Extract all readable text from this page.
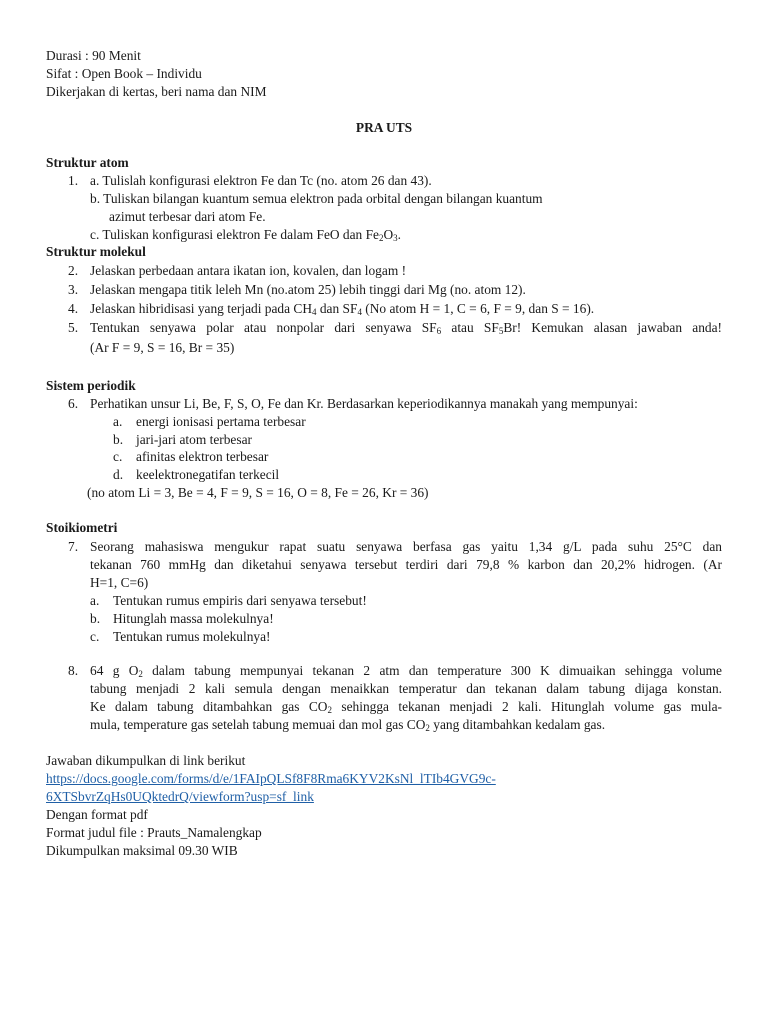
Durasi : 90 Menit
Sifat : Open Book – Individu
Dikerjakan di kertas, beri nama dan NIM
PRA UTS
Struktur atom
1. a. Tulislah konfigurasi elektron Fe dan Tc (no. atom 26 dan 43).
b. Tuliskan bilangan kuantum semua elektron pada orbital dengan bilangan kuantum
azimut terbesar dari atom Fe.
c. Tuliskan konfigurasi elektron Fe dalam FeO dan $Fe_2O_3$.
Struktur molekul
2. Jelaskan perbedaan antara ikatan ion, kovalen, dan logam !
3. Jelaskan mengapa titik leleh Mn (no.atom 25) lebih tinggi dari Mg (no. atom 12).
4. Jelaskan hibridisasi yang terjadi pada $CH_4$ dan $SF_4$ (No atom H = 1, C = 6, F = 9, dan S = 16).
5. Tentukan senyawa polar atau nonpolar dari senyawa $SF_6$ atau $SF_5Br$! Kemukan alasan jawaban anda!
(Ar F = 9, S = 16, Br = 35)
Sistem periodik
6. Perhatikan unsur Li, Be, F, S, O, Fe dan Kr. Berdasarkan keperiodikannya manakah yang mempunyai:
a. energi ionisasi pertama terbesar
b. jari-jari atom terbesar
c. afinitas elektron terbesar
d. keelektronegatifan terkecil
(no atom Li = 3, Be = 4, F = 9, S = 16, O = 8, Fe = 26, Kr = 36)
Stoikiometri
7. Seorang mahasiswa mengukur rapat suatu senyawa berfasa gas yaitu 1,34 g/L pada suhu 25°C dan
tekanan 760 mmHg dan diketahui senyawa tersebut terdiri dari 79,8 % karbon dan 20,2% hidrogen. (Ar
H=1, C=6)
a. Tentukan rumus empiris dari senyawa tersebut!
b. Hitunglah massa molekulnya!
c. Tentukan rumus molekulnya!
8. 64 g $O_2$ dalam tabung mempunyai tekanan 2 atm dan temperature 300 K dimuaikan sehingga volume
tabung menjadi 2 kali semula dengan menaikkan temperatur dan tekanan dalam tabung dijaga konstan.
Ke dalam tabung ditambahkan gas $CO_2$ sehingga tekanan menjadi 2 kali. Hitunglah volume gas mula-
mula, temperature gas setelah tabung memuai dan mol gas $CO_2$ yang ditambahkan kedalam gas.
Jawaban dikumpulkan di link berikut
https://docs.google.com/forms/d/e/1FAIpQLSf8F8Rma6KYV2KsNl_lTIb4GVG9c-
6XTSbvrZqHs0UQktedrQ/viewform?usp=sf_link
Dengan format pdf
Format judul file : Prauts_Namalengkap
Dikumpulkan maksimal 09.30 WIB
